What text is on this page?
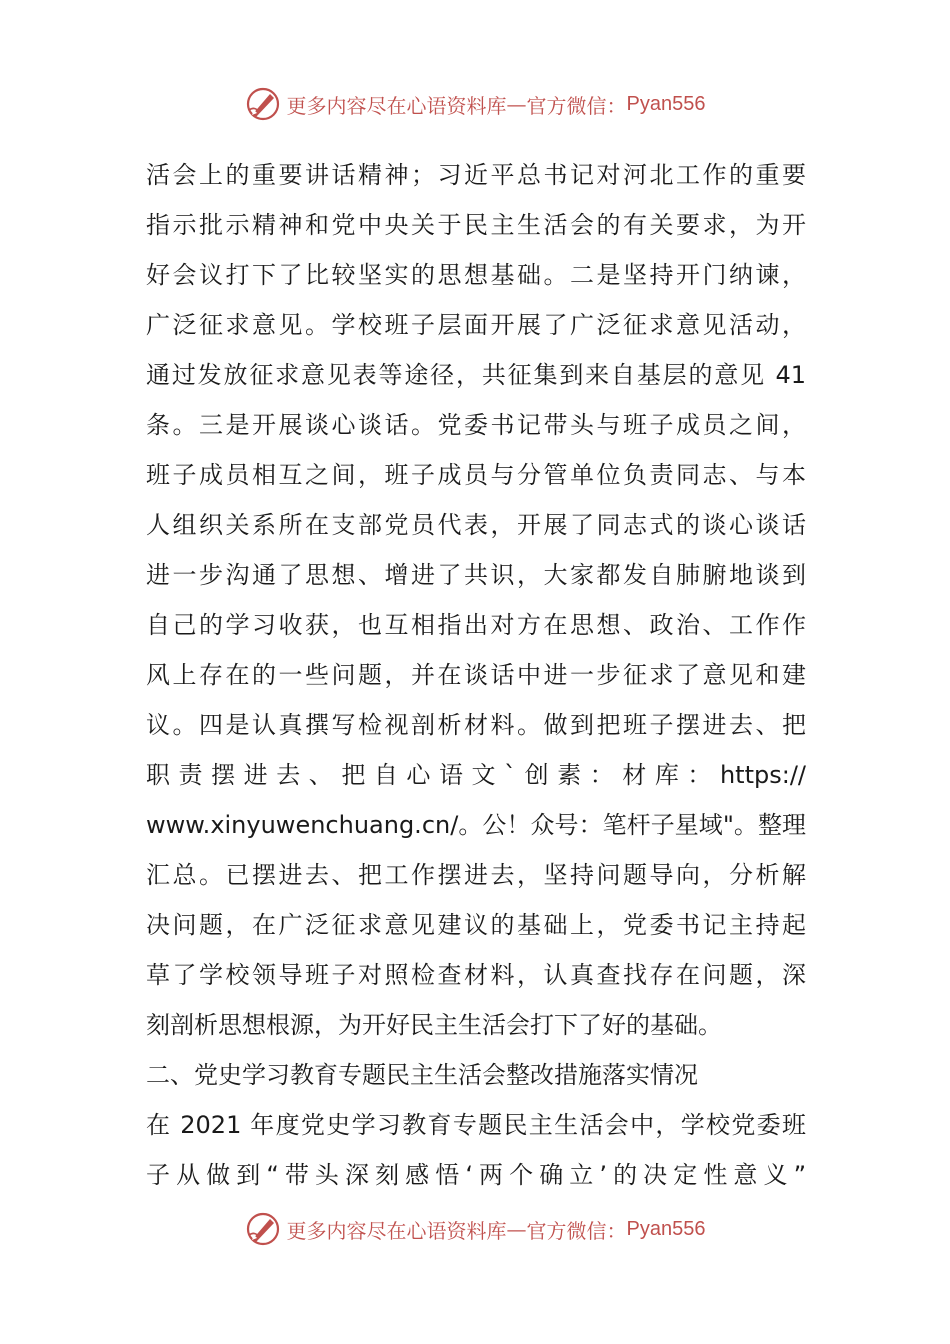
更多内容尽在心语资料库 — 官方微信： Pyan556
活会上的重要讲话精神；习近平总书记对河北工作的重要
指示批示精神和党中央关于民主生活会的有关要求，为开
好会议打下了比较坚实的思想基础。二是坚持开门纳谏，
广泛征求意见。学校班子层面开展了广泛征求意见活动，
通过发放征求意见表等途径，共征集到来自基层的意见 41
条。三是开展谈心谈话。党委书记带头与班子成员之间，
班子成员相互之间，班子成员与分管单位负责同志、与本
人组织关系所在支部党员代表，开展了同志式的谈心谈话
进一步沟通了思想、增进了共识，大家都发自肺腑地谈到
自己的学习收获，也互相指出对方在思想、政治、工作作
风上存在的一些问题，并在谈话中进一步征求了意见和建
议。四是认真撰写检视剖析材料。做到把班子摆进去、把
职责摆进去、把自心语文`创素：材库：https://
www.xinyuwenchuang.cn/。公！众号：笔杆子星域"。整理
汇总。已摆进去、把工作摆进去，坚持问题导向，分析解
决问题，在广泛征求意见建议的基础上，党委书记主持起
草了学校领导班子对照检查材料，认真查找存在问题，深
刻剖析思想根源，为开好民主生活会打下了好的基础。
二、党史学习教育专题民主生活会整改措施落实情况
在 2021 年度党史学习教育专题民主生活会中，学校党委班
子从做到“带头深刻感悟‘两个确立’的决定性意义”
更多内容尽在心语资料库 — 官方微信： Pyan556
